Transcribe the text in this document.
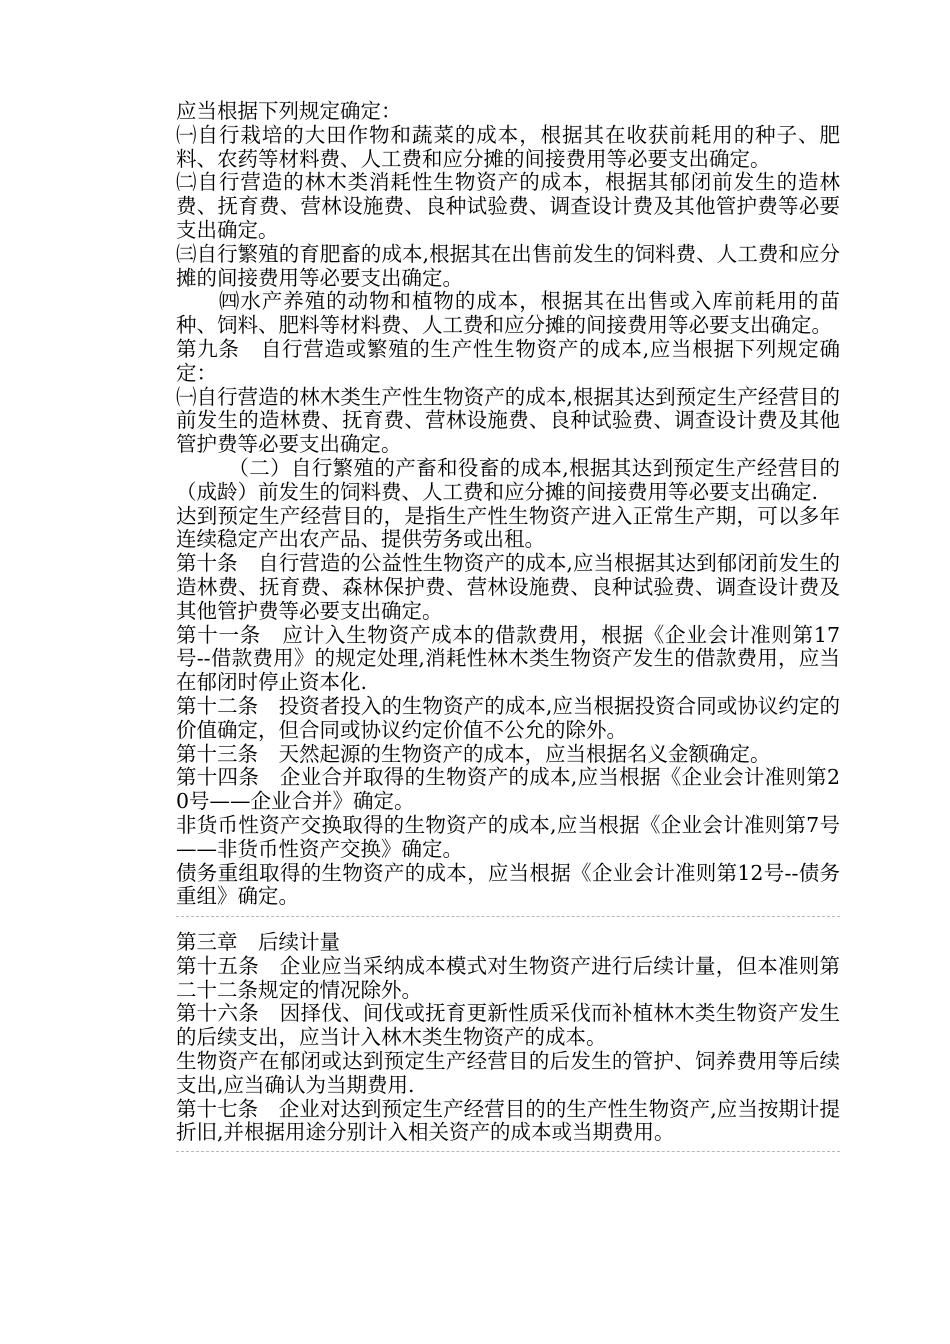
应当根据下列规定确定：

㈠自行栽培的大田作物和蔬菜的成本，根据其在收获前耗用的种子、肥料、农药等材料费、人工费和应分摊的间接费用等必要支出确定。

㈡自行营造的林木类消耗性生物资产的成本，根据其郁闭前发生的造林费、抚育费、营林设施费、良种试验费、调查设计费及其他管护费等必要支出确定。

㈢自行繁殖的育肥畜的成本,根据其在出售前发生的饲料费、人工费和应分摊的间接费用等必要支出确定。

　　㈣水产养殖的动物和植物的成本，根据其在出售或入库前耗用的苗种、饲料、肥料等材料费、人工费和应分摊的间接费用等必要支出确定。

第九条　自行营造或繁殖的生产性生物资产的成本,应当根据下列规定确定：

㈠自行营造的林木类生产性生物资产的成本,根据其达到预定生产经营目的前发生的造林费、抚育费、营林设施费、良种试验费、调查设计费及其他管护费等必要支出确定。

　　　（二）自行繁殖的产畜和役畜的成本,根据其达到预定生产经营目的（成龄）前发生的饲料费、人工费和应分摊的间接费用等必要支出确定.

达到预定生产经营目的，是指生产性生物资产进入正常生产期，可以多年连续稳定产出农产品、提供劳务或出租。

第十条　自行营造的公益性生物资产的成本,应当根据其达到郁闭前发生的造林费、抚育费、森林保护费、营林设施费、良种试验费、调查设计费及其他管护费等必要支出确定。

第十一条　应计入生物资产成本的借款费用，根据《企业会计准则第17号--借款费用》的规定处理,消耗性林木类生物资产发生的借款费用，应当在郁闭时停止资本化.

第十二条　投资者投入的生物资产的成本,应当根据投资合同或协议约定的价值确定，但合同或协议约定价值不公允的除外。

第十三条　天然起源的生物资产的成本，应当根据名义金额确定。

第十四条　企业合并取得的生物资产的成本,应当根据《企业会计准则第20号——企业合并》确定。

非货币性资产交换取得的生物资产的成本,应当根据《企业会计准则第7号——非货币性资产交换》确定。

债务重组取得的生物资产的成本，应当根据《企业会计准则第12号--债务重组》确定。

第三章　后续计量

第十五条　企业应当采纳成本模式对生物资产进行后续计量，但本准则第二十二条规定的情况除外。

第十六条　因择伐、间伐或抚育更新性质采伐而补植林木类生物资产发生的后续支出，应当计入林木类生物资产的成本。

生物资产在郁闭或达到预定生产经营目的后发生的管护、饲养费用等后续支出,应当确认为当期费用.

第十七条　企业对达到预定生产经营目的的生产性生物资产,应当按期计提折旧,并根据用途分别计入相关资产的成本或当期费用。
